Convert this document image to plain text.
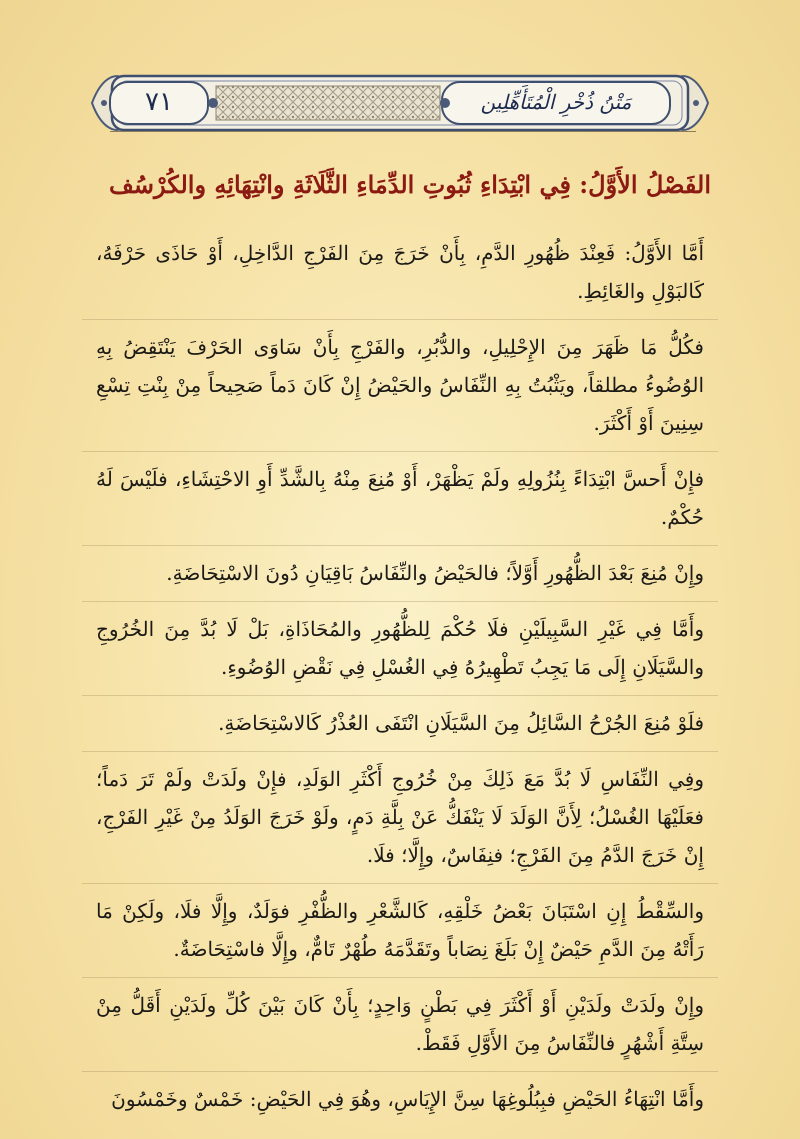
٧١	مَتْنُ ذُخْرِ الْمُتَأَهِّلِين
الفَصْلُ الأَوَّلُ: فِي ابْتِدَاءِ ثُبُوتِ الدِّمَاءِ الثَّلَاثَةِ وانْتِهَائِهِ والكُرْسُف

أَمَّا الأَوَّلُ: فَعِنْدَ ظُهُورِ الدَّمِ، بِأَنْ خَرَجَ مِنَ الفَرْجِ الدَّاخِلِ، أَوْ حَاذَى حَرْفَهُ، كَالبَوْلِ والغَائِطِ.

فكُلُّ مَا ظَهَرَ مِنَ الإِحْلِيلِ، والدُّبُرِ، والفَرْجِ بِأَنْ سَاوَى الحَرْفَ يَنْتَقِضُ بِهِ الوُضُوءُ مطلقاً، ويَثْبُتُ بِهِ النِّفَاسُ والحَيْضُ إِنْ كَانَ دَماً صَحِيحاً مِنْ بِنْتِ تِسْعِ سِنِينَ أَوْ أَكْثَرَ.

فإِنْ أَحسَّ ابْتِدَاءً بِنُزُولِهِ ولَمْ يَظْهَرْ، أَوْ مُنِعَ مِنْهُ بِالشَّدِّ أَوِ الاحْتِشَاءِ، فلَيْسَ لَهُ حُكْمٌ.

وإِنْ مُنِعَ بَعْدَ الظُّهُورِ أَوَّلاً؛ فالحَيْضُ والنِّفَاسُ بَاقِيَانِ دُونَ الاسْتِحَاضَةِ.

وأَمَّا فِي غَيْرِ السَّبِيلَيْنِ فلَا حُكْمَ لِلظُّهُورِ والمُحَاذَاةِ، بَلْ لَا بُدَّ مِنَ الخُرُوجِ والسَّيَلَانِ إِلَى مَا يَجِبُ تَطْهِيرُهُ فِي الغُسْلِ فِي نَقْضِ الوُضُوءِ.

فلَوْ مُنِعَ الجُرْحُ السَّائِلُ مِنَ السَّيَلَانِ انْتَفَى العُذْرُ كَالاسْتِحَاضَةِ.

وفِي النِّفَاسِ لَا بُدَّ مَعَ ذَلِكَ مِنْ خُرُوجِ أَكْثَرِ الوَلَدِ، فإِنْ ولَدَتْ ولَمْ تَرَ دَماً؛ فعَلَيْهَا الغُسْلُ؛ لِأَنَّ الوَلَدَ لَا يَنْفَكُّ عَنْ بِلَّةِ دَمٍ، ولَوْ خَرَجَ الوَلَدُ مِنْ غَيْرِ الفَرْجِ، إِنْ خَرَجَ الدَّمُ مِنَ الفَرْجِ؛ فنِفَاسٌ، وإِلَّا؛ فلَا.

والسِّقْطُ إِنِ اسْتَبَانَ بَعْضُ خَلْقِهِ، كَالشَّعْرِ والظُّفْرِ فوَلَدٌ، وإِلَّا فلَا، ولَكِنْ مَا رَأَتْهُ مِنَ الدَّمِ حَيْضٌ إِنْ بَلَغَ نِصَاباً وتَقَدَّمَهُ طُهْرٌ تَامٌّ، وإِلَّا فاسْتِحَاضَةٌ.

وإِنْ ولَدَتْ ولَدَيْنِ أَوْ أَكْثَرَ فِي بَطْنٍ وَاحِدٍ؛ بِأَنْ كَانَ بَيْنَ كُلِّ ولَدَيْنِ أَقَلُّ مِنْ سِتَّةِ أَشْهُرٍ فالنِّفَاسُ مِنَ الأَوَّلِ فَقَطْ.

وأَمَّا انْتِهَاءُ الحَيْضِ فبِبُلُوغِهَا سِنَّ الإِيَاسِ، وهُوَ فِي الحَيْضِ: خَمْسٌ وخَمْسُونَ
